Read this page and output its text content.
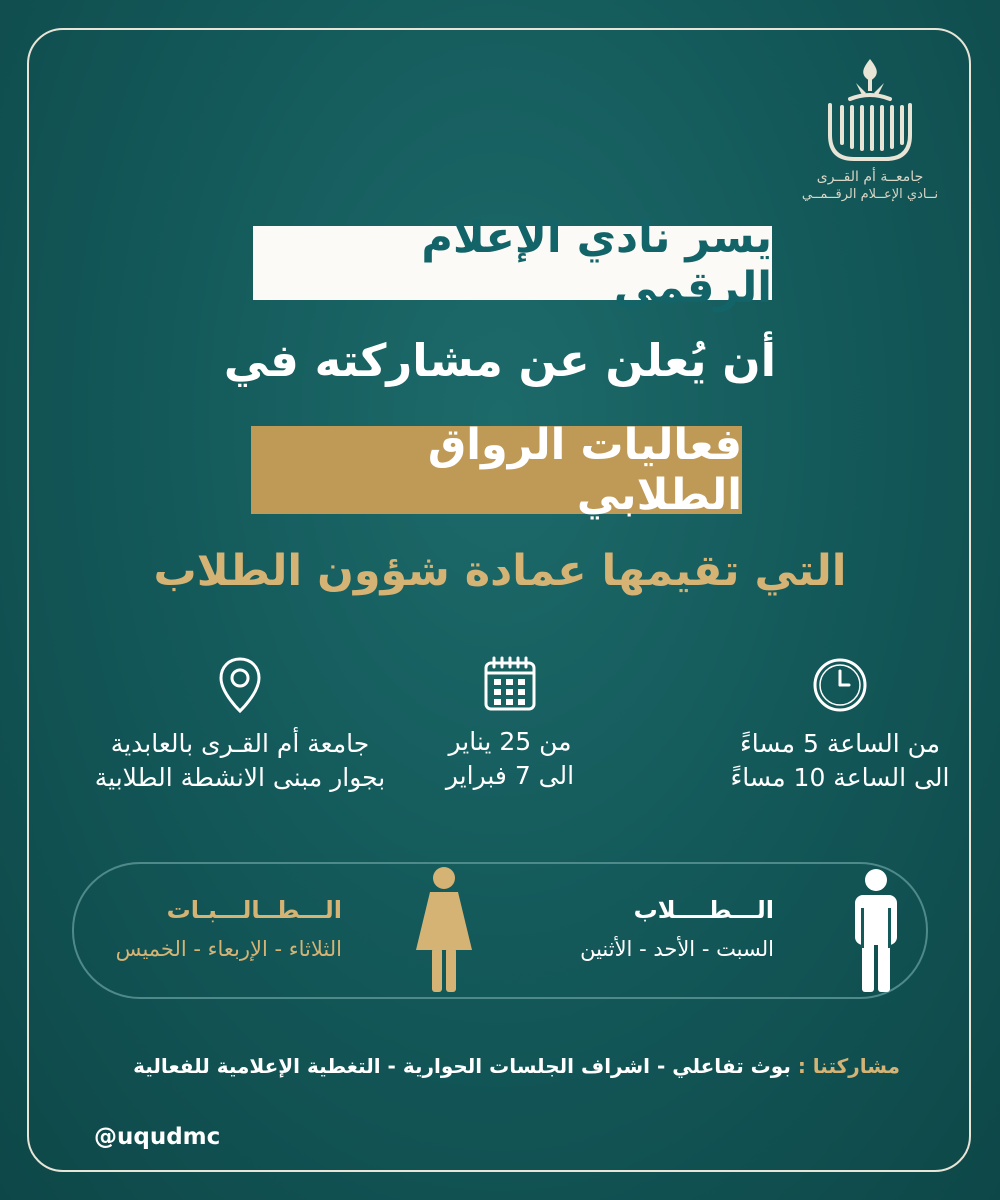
جامعــة أم القــرى
نــادي الإعــلام الرقــمــي
يسر نادي الإعلام الرقمي
أن يُعلن عن مشاركته في
فعاليات الرواق الطلابي
التي تقيمها عمادة شؤون الطلاب
من الساعة 5 مساءً
الى الساعة 10 مساءً
من 25 يناير
الى 7 فبراير
جامعة أم القـرى بالعابدية
بجوار مبنى الانشطة الطلابية
الـــطــــلاب
السبت - الأحد - الأثنين
الـــطــالـــبـات
الثلاثاء - الإربعاء - الخميس
مشاركتنا : بوث تفاعلي - اشراف الجلسات الحوارية - التغطية الإعلامية للفعالية
@uqudmc
